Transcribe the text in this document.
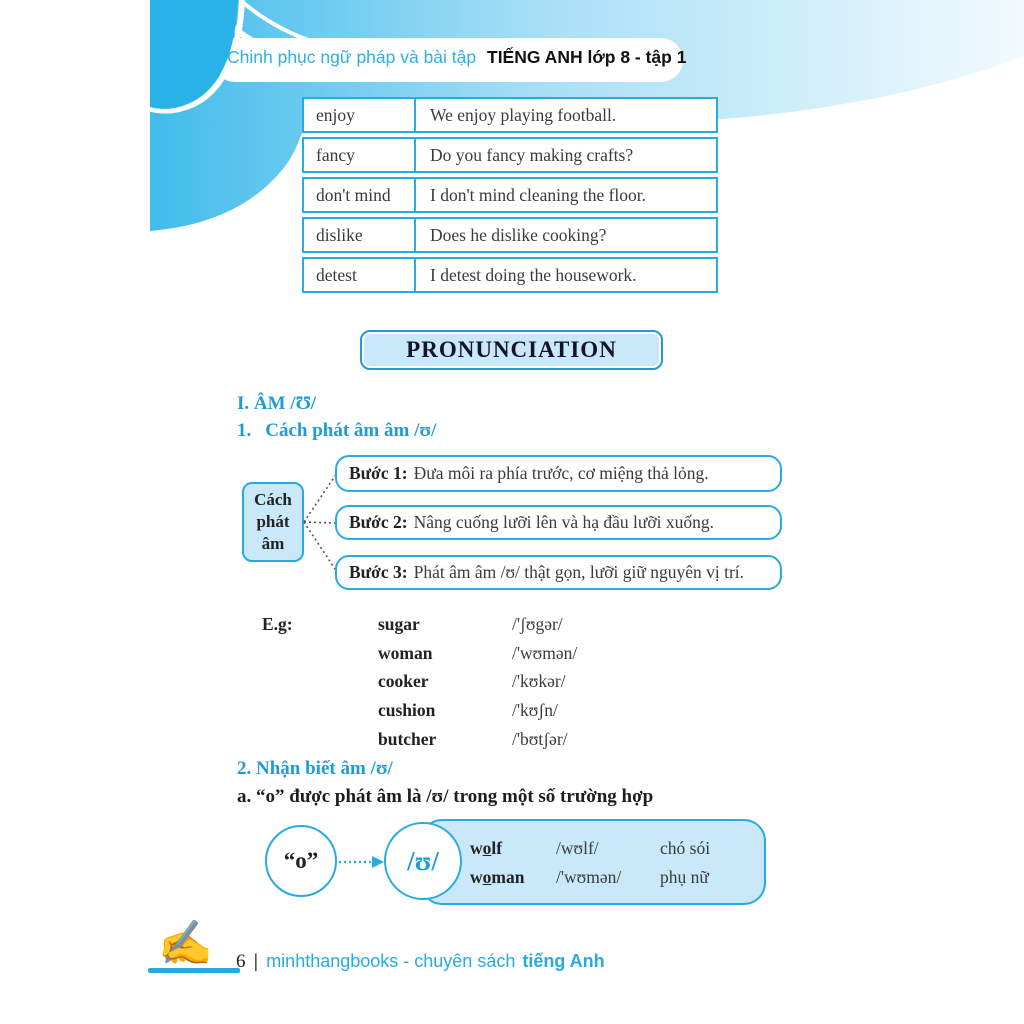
Chinh phục ngữ pháp và bài tập TIẾNG ANH lớp 8 - tập 1
enjoy	We enjoy playing football.
fancy	Do you fancy making crafts?
don't mind	I don't mind cleaning the floor.
dislike	Does he dislike cooking?
detest	I detest doing the housework.
PRONUNCIATION
I. ÂM /Ʊ/
1. Cách phát âm âm /ʊ/
Cách phát âm
Bước 1: Đưa môi ra phía trước, cơ miệng thả lỏng.
Bước 2: Nâng cuống lưỡi lên và hạ đầu lưỡi xuống.
Bước 3: Phát âm âm /ʊ/ thật gọn, lưỡi giữ nguyên vị trí.
E.g:	sugar	/'ʃʊgər/
woman	/'wʊmən/
cooker	/'kʊkər/
cushion	/'kʊʃn/
butcher	/'bʊtʃər/
2. Nhận biết âm /ʊ/
a. “o” được phát âm là /ʊ/ trong một số trường hợp
wolf	/wʊlf/	chó sói
woman	/'wʊmən/	phụ nữ
“o”	/ʊ/
✍ 6 | minhthangbooks - chuyên sách tiếng Anh
